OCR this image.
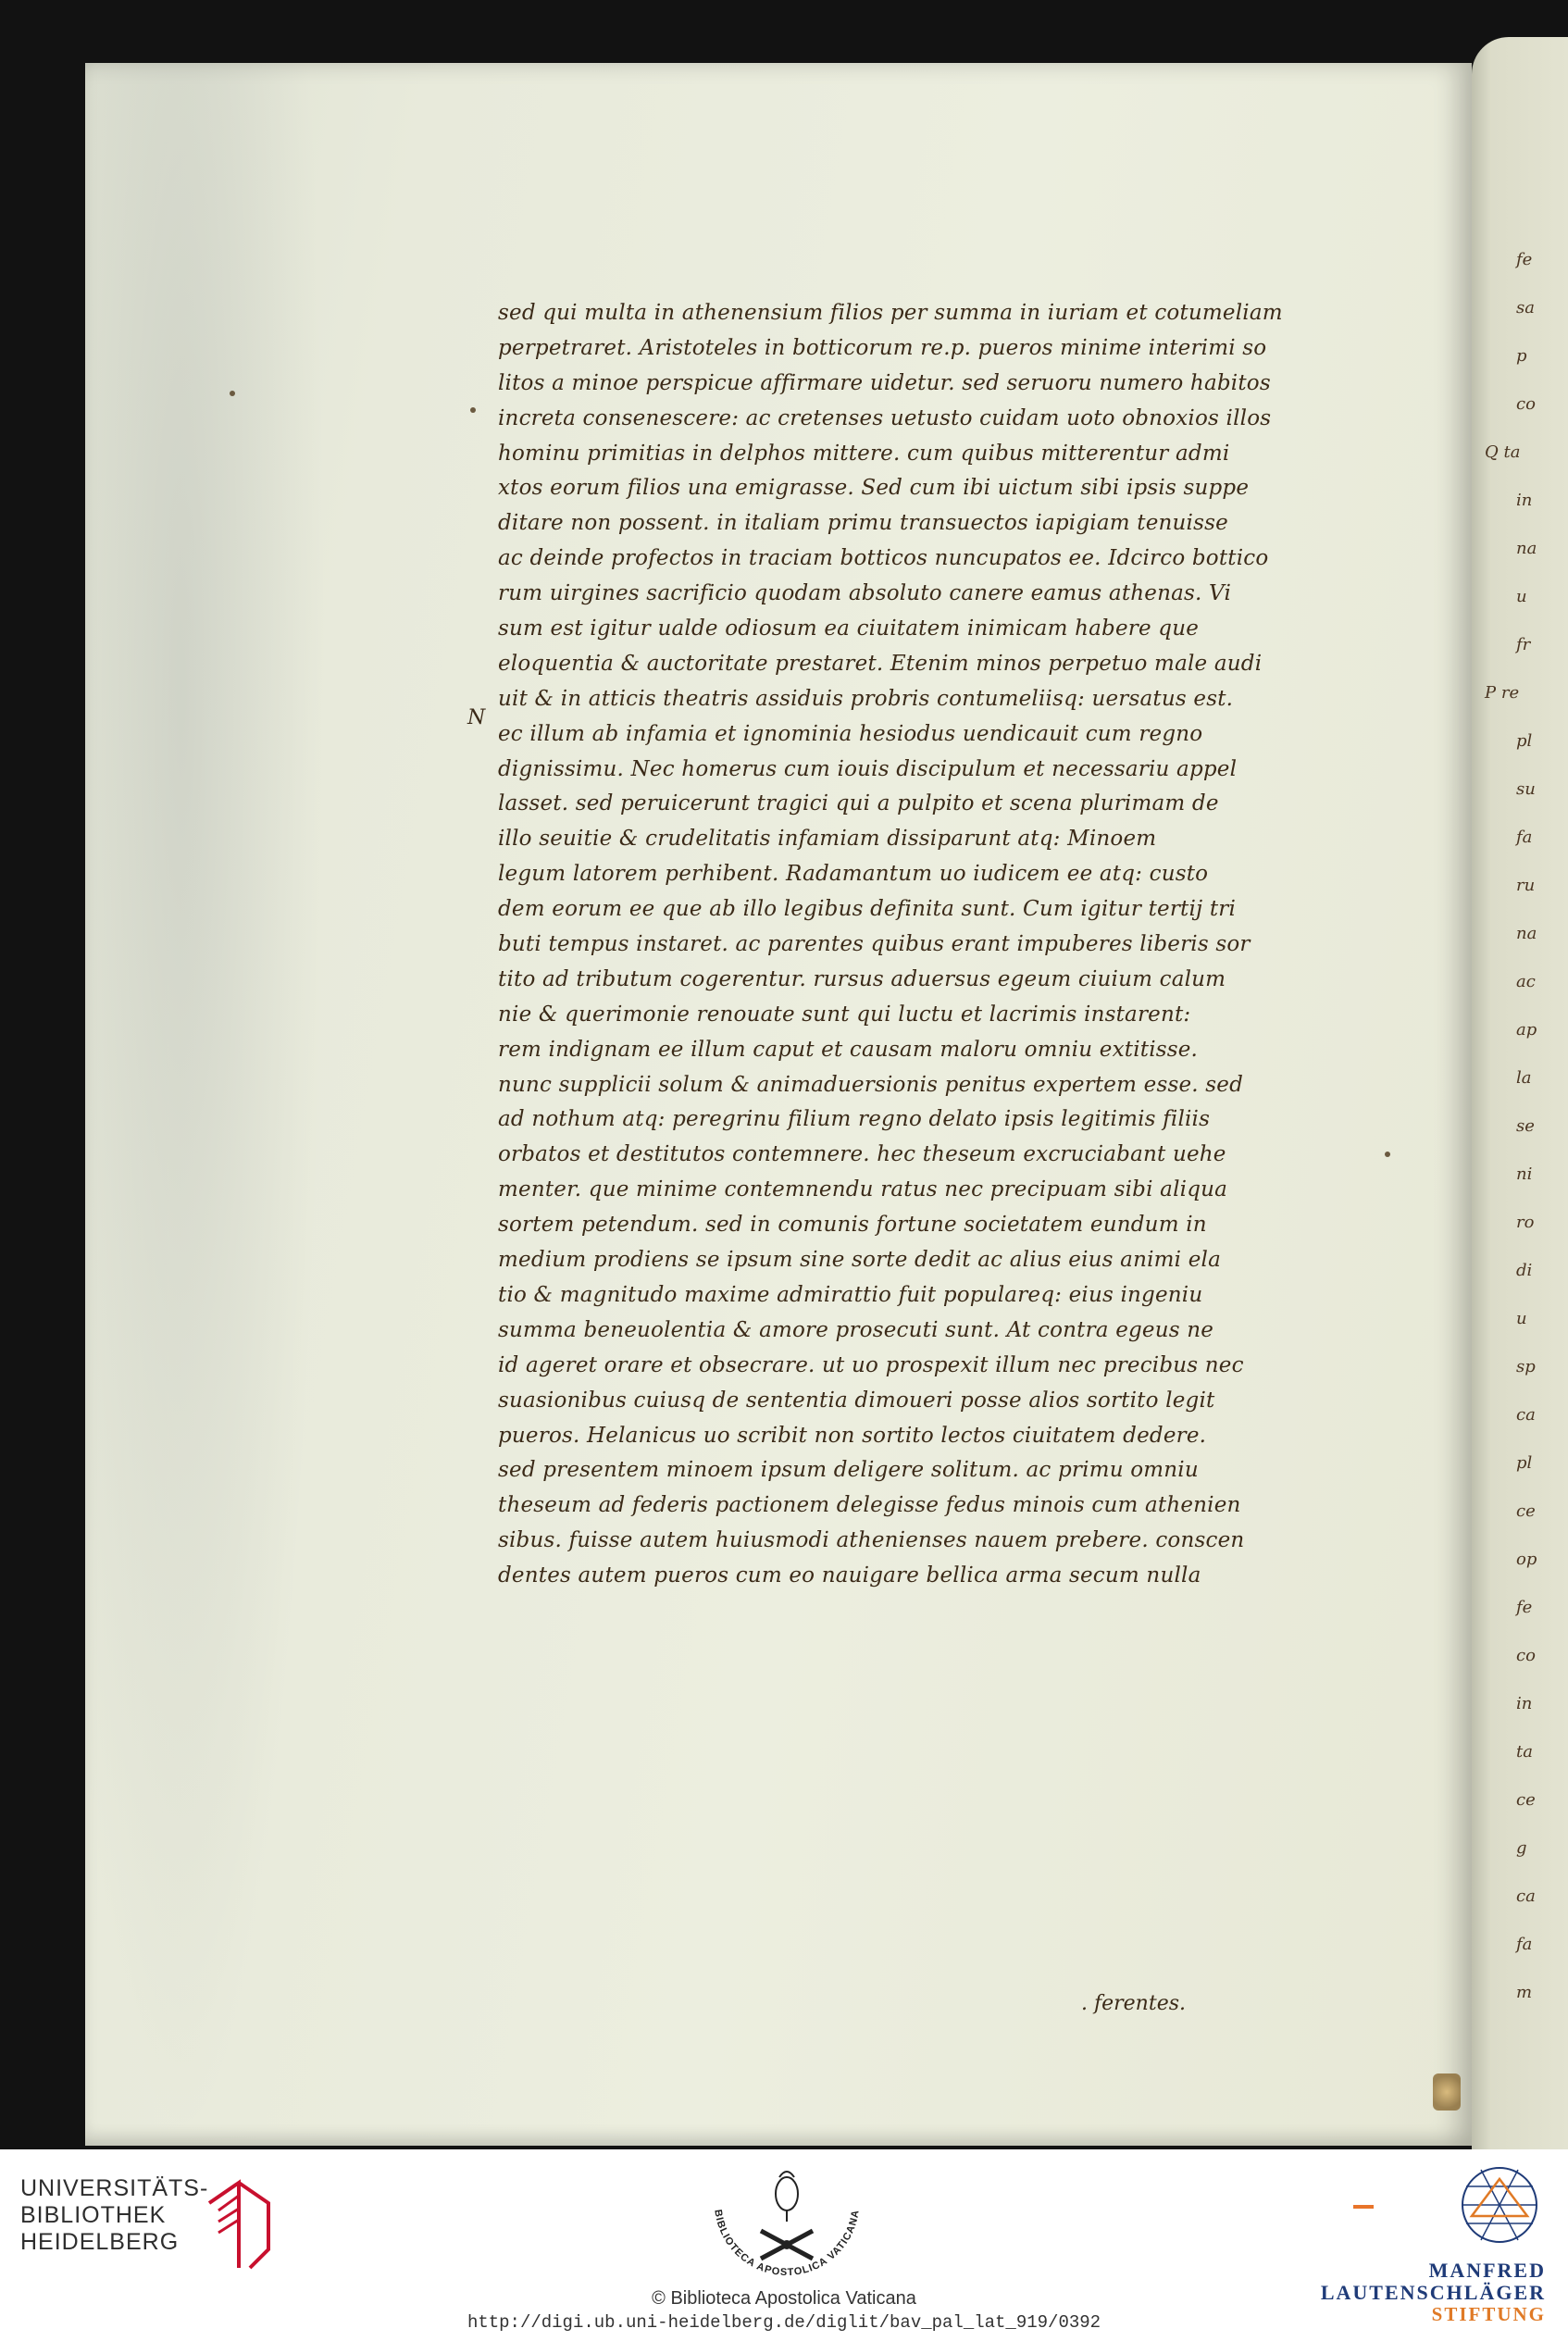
fe
sa
p
co
Q ta
in
na
u
fr
P re
pl
su
fa
ru
na
ac
ap
la
se
ni
ro
di
u
sp
ca
pl
ce
op
fe
co
in
ta
ce
g
ca
fa
m
sed qui multa in athenensium filios per summa in iuriam et cotumeliam
perpetraret. Aristoteles in botticorum re.p. pueros minime interimi so
litos a minoe perspicue affirmare uidetur. sed seruoru numero habitos
increta consenescere: ac cretenses uetusto cuidam uoto obnoxios illos
hominu primitias in delphos mittere. cum quibus mitterentur admi
xtos eorum filios una emigrasse. Sed cum ibi uictum sibi ipsis suppe
ditare non possent. in italiam primu transuectos iapigiam tenuisse
ac deinde profectos in traciam botticos nuncupatos ee. Idcirco bottico
rum uirgines sacrificio quodam absoluto canere eamus athenas. Vi
sum est igitur ualde odiosum ea ciuitatem inimicam habere que
eloquentia & auctoritate prestaret. Etenim minos perpetuo male audi
uit & in atticis theatris assiduis probris contumeliisq: uersatus est.
ec illum ab infamia et ignominia hesiodus uendicauit cum regno
dignissimu. Nec homerus cum iouis discipulum et necessariu appel
lasset. sed peruicerunt tragici qui a pulpito et scena plurimam de
illo seuitie & crudelitatis infamiam dissiparunt atq: Minoem
legum latorem perhibent. Radamantum uo iudicem ee atq: custo
dem eorum ee que ab illo legibus definita sunt. Cum igitur tertij tri
buti tempus instaret. ac parentes quibus erant impuberes liberis sor
tito ad tributum cogerentur. rursus aduersus egeum ciuium calum
nie & querimonie renouate sunt qui luctu et lacrimis instarent:
rem indignam ee illum caput et causam maloru omniu extitisse.
nunc supplicii solum & animaduersionis penitus expertem esse. sed
ad nothum atq: peregrinu filium regno delato ipsis legitimis filiis
orbatos et destitutos contemnere. hec theseum excruciabant uehe
menter. que minime contemnendu ratus nec precipuam sibi aliqua
sortem petendum. sed in comunis fortune societatem eundum in
medium prodiens se ipsum sine sorte dedit ac alius eius animi ela
tio & magnitudo maxime admirattio fuit populareq: eius ingeniu
summa beneuolentia & amore prosecuti sunt. At contra egeus ne
id ageret orare et obsecrare. ut uo prospexit illum nec precibus nec
suasionibus cuiusq de sententia dimoueri posse alios sortito legit
pueros. Helanicus uo scribit non sortito lectos ciuitatem dedere.
sed presentem minoem ipsum deligere solitum. ac primu omniu
theseum ad federis pactionem delegisse fedus minois cum athenien
sibus. fuisse autem huiusmodi athenienses nauem prebere. conscen
dentes autem pueros cum eo nauigare bellica arma secum nulla
N
. ferentes.
UNIVERSITÄTS-
BIBLIOTHEK
HEIDELBERG
BIBLIOTECA APOSTOLICA VATICANA
© Biblioteca Apostolica Vaticana
http://digi.ub.uni-heidelberg.de/diglit/bav_pal_lat_919/0392
MANFRED
LAUTENSCHLÄGER
STIFTUNG
